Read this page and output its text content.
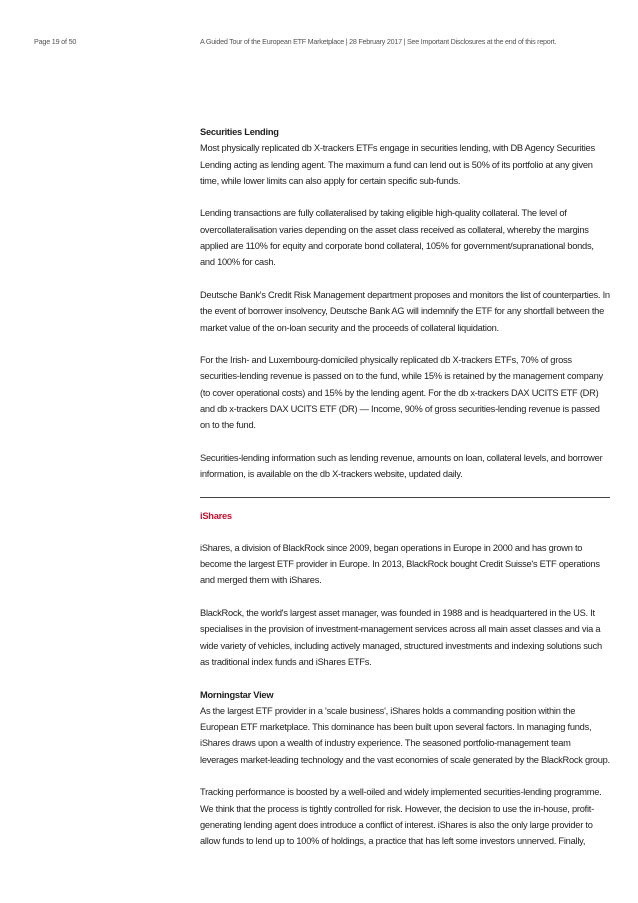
Page 19 of 50	A Guided Tour of the European ETF Marketplace | 28 February 2017 | See Important Disclosures at the end of this report.
Securities Lending

Most physically replicated db X-trackers ETFs engage in securities lending, with DB Agency Securities Lending acting as lending agent. The maximum a fund can lend out is 50% of its portfolio at any given time, while lower limits can also apply for certain specific sub-funds.

Lending transactions are fully collateralised by taking eligible high-quality collateral. The level of overcollateralisation varies depending on the asset class received as collateral, whereby the margins applied are 110% for equity and corporate bond collateral, 105% for government/supranational bonds, and 100% for cash.

Deutsche Bank's Credit Risk Management department proposes and monitors the list of counterparties. In the event of borrower insolvency, Deutsche Bank AG will indemnify the ETF for any shortfall between the market value of the on-loan security and the proceeds of collateral liquidation.

For the Irish- and Luxembourg-domiciled physically replicated db X-trackers ETFs, 70% of gross securities-lending revenue is passed on to the fund, while 15% is retained by the management company (to cover operational costs) and 15% by the lending agent. For the db x-trackers DAX UCITS ETF (DR) and db x-trackers DAX UCITS ETF (DR) — Income, 90% of gross securities-lending revenue is passed on to the fund.

Securities-lending information such as lending revenue, amounts on loan, collateral levels, and borrower information, is available on the db X-trackers website, updated daily.

iShares

iShares, a division of BlackRock since 2009, began operations in Europe in 2000 and has grown to become the largest ETF provider in Europe. In 2013, BlackRock bought Credit Suisse's ETF operations and merged them with iShares.

BlackRock, the world's largest asset manager, was founded in 1988 and is headquartered in the US. It specialises in the provision of investment-management services across all main asset classes and via a wide variety of vehicles, including actively managed, structured investments and indexing solutions such as traditional index funds and iShares ETFs.

Morningstar View

As the largest ETF provider in a 'scale business', iShares holds a commanding position within the European ETF marketplace. This dominance has been built upon several factors. In managing funds, iShares draws upon a wealth of industry experience. The seasoned portfolio-management team leverages market-leading technology and the vast economies of scale generated by the BlackRock group.

Tracking performance is boosted by a well-oiled and widely implemented securities-lending programme. We think that the process is tightly controlled for risk. However, the decision to use the in-house, profit-generating lending agent does introduce a conflict of interest. iShares is also the only large provider to allow funds to lend up to 100% of holdings, a practice that has left some investors unnerved. Finally,
